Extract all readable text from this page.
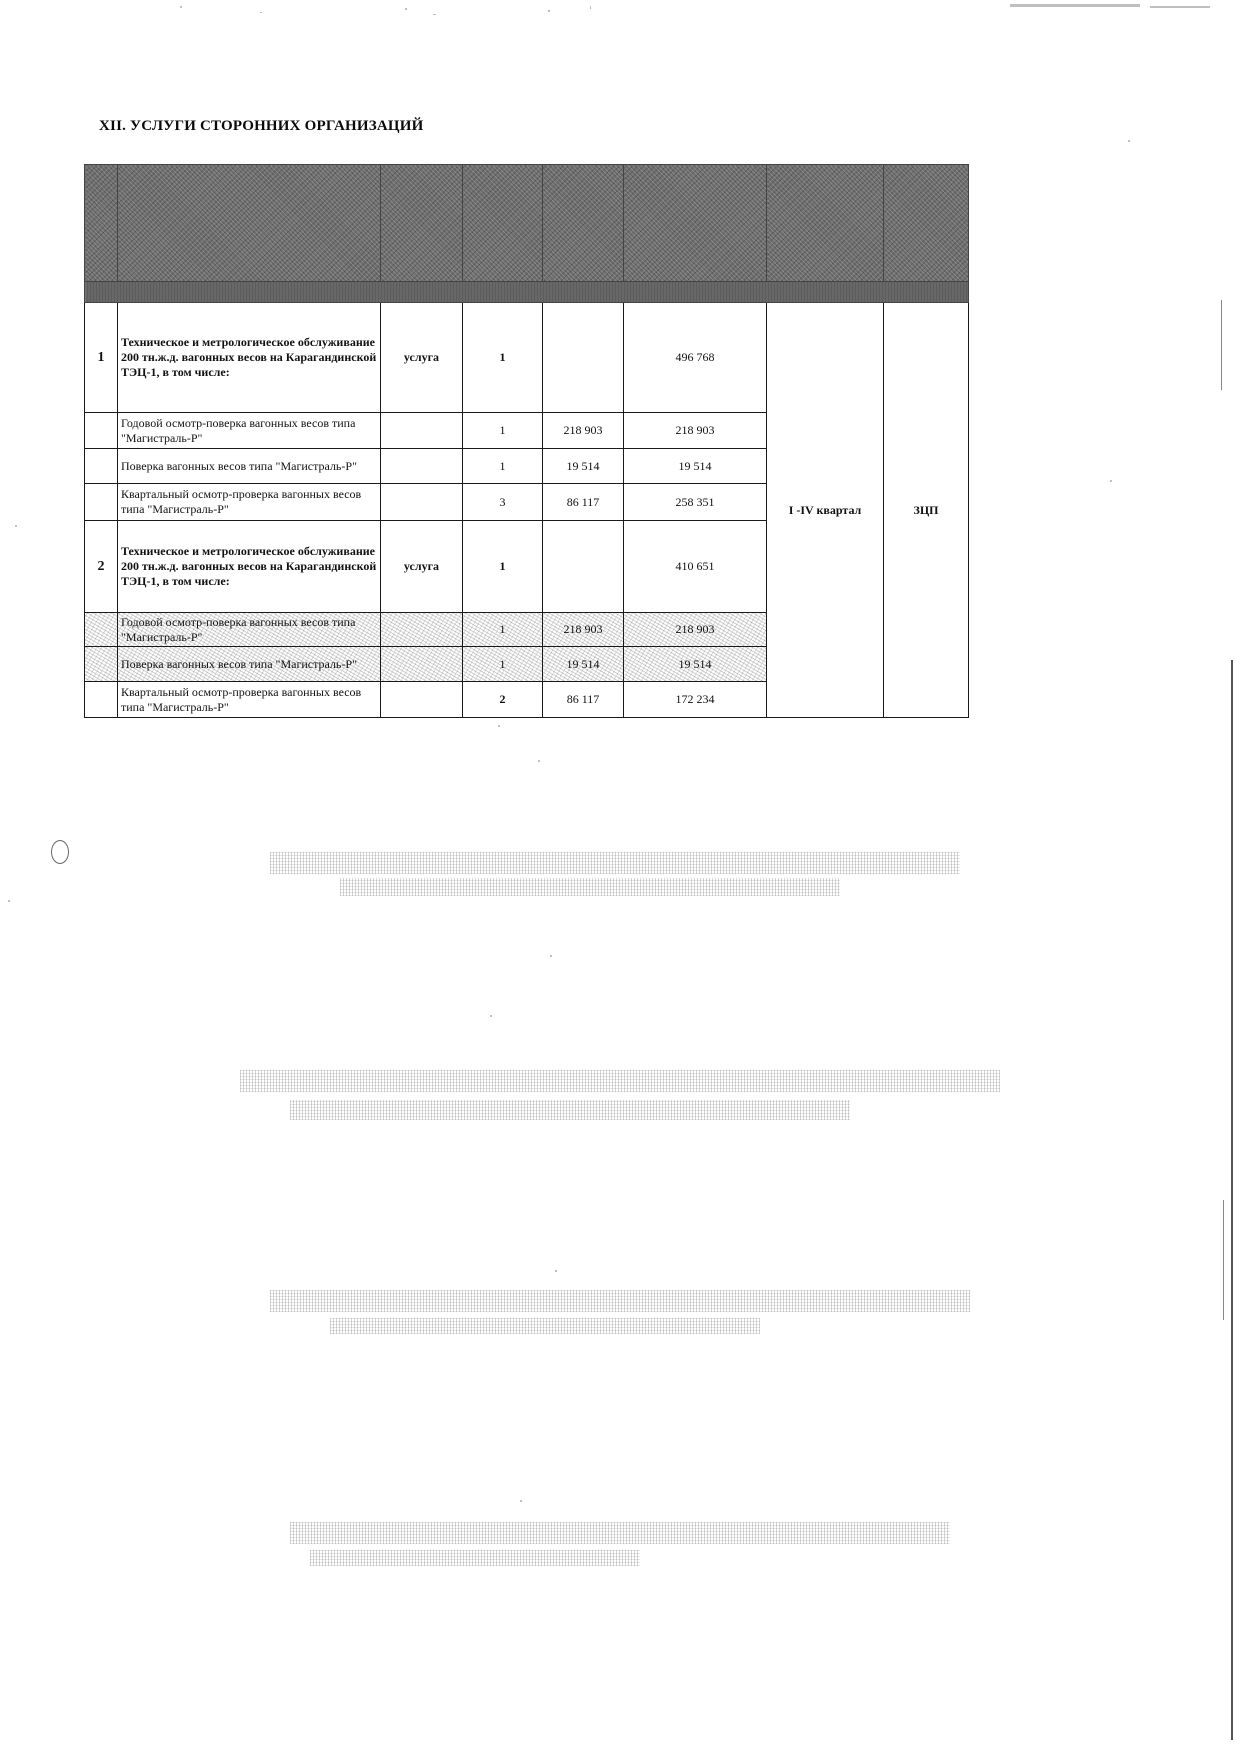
XII. УСЛУГИ СТОРОННИХ ОРГАНИЗАЦИЙ

1	Техническое и метрологическое обслуживание 200 тн.ж.д. вагонных весов на Карагандинской ТЭЦ-1, в том числе:	услуга	1		496 768	I -IV квартал	ЗЦП
	Годовой осмотр-поверка вагонных весов типа "Магистраль-Р"		1	218 903	218 903		
	Поверка вагонных весов типа "Магистраль-Р"		1	19 514	19 514		
	Квартальный осмотр-проверка вагонных весов типа "Магистраль-Р"		3	86 117	258 351		
2	Техническое и метрологическое обслуживание 200 тн.ж.д. вагонных весов на Карагандинской ТЭЦ-1, в том числе:	услуга	1		410 651		
	Годовой осмотр-поверка вагонных весов типа "Магистраль-Р"		1	218 903	218 903		
	Поверка вагонных весов типа "Магистраль-Р"		1	19 514	19 514		
	Квартальный осмотр-проверка вагонных весов типа "Магистраль-Р"		2	86 117	172 234		
